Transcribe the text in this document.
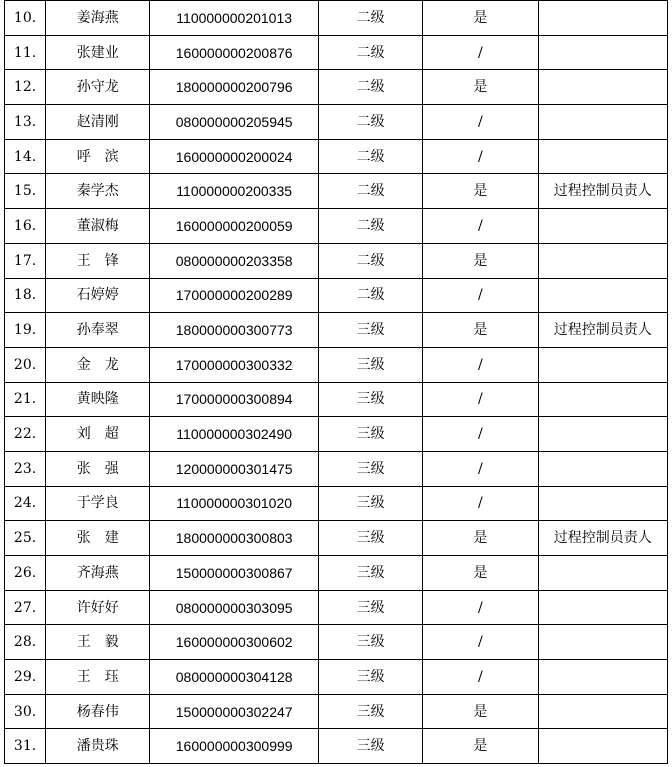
10.	姜海燕	110000000201013	二级	是	
11.	张建业	160000000200876	二级	/	
12.	孙守龙	180000000200796	二级	是	
13.	赵清刚	080000000205945	二级	/	
14.	呼　滨	160000000200024	二级	/	
15.	秦学杰	110000000200335	二级	是	过程控制员责人
16.	董淑梅	160000000200059	二级	/	
17.	王　锋	080000000203358	二级	是	
18.	石婷婷	170000000200289	二级	/	
19.	孙奉翠	180000000300773	三级	是	过程控制员责人
20.	金　龙	170000000300332	三级	/	
21.	黄映隆	170000000300894	三级	/	
22.	刘　超	110000000302490	三级	/	
23.	张　强	120000000301475	三级	/	
24.	于学良	110000000301020	三级	/	
25.	张　建	180000000300803	三级	是	过程控制员责人
26.	齐海燕	150000000300867	三级	是	
27.	许好好	080000000303095	三级	/	
28.	王　毅	160000000300602	三级	/	
29.	王　珏	080000000304128	三级	/	
30.	杨春伟	150000000302247	三级	是	
31.	潘贵珠	160000000300999	三级	是	
